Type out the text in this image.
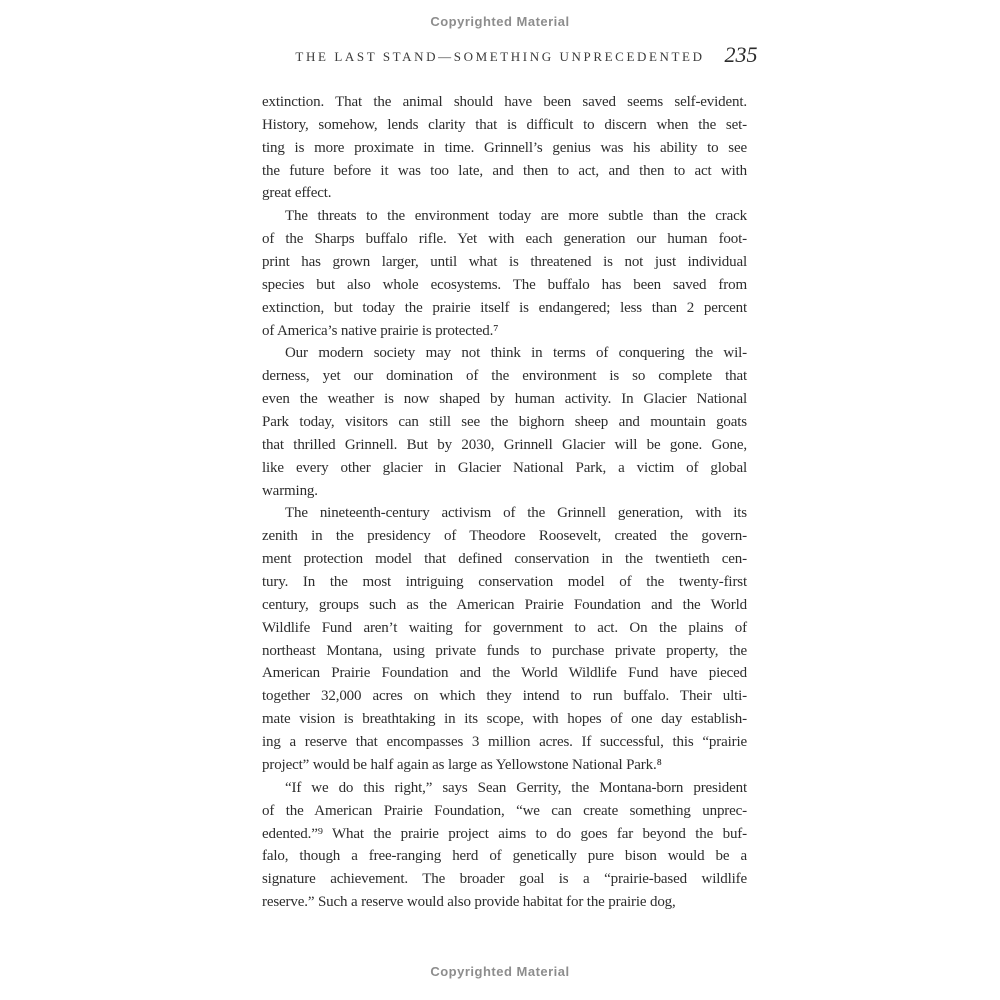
Copyrighted Material
THE LAST STAND—SOMETHING UNPRECEDENTED 235
extinction. That the animal should have been saved seems self-evident.
History, somehow, lends clarity that is difficult to discern when the set-
ting is more proximate in time. Grinnell’s genius was his ability to see
the future before it was too late, and then to act, and then to act with
great effect.
The threats to the environment today are more subtle than the crack
of the Sharps buffalo rifle. Yet with each generation our human foot-
print has grown larger, until what is threatened is not just individual
species but also whole ecosystems. The buffalo has been saved from
extinction, but today the prairie itself is endangered; less than 2 percent
of America’s native prairie is protected.⁷
Our modern society may not think in terms of conquering the wil-
derness, yet our domination of the environment is so complete that
even the weather is now shaped by human activity. In Glacier National
Park today, visitors can still see the bighorn sheep and mountain goats
that thrilled Grinnell. But by 2030, Grinnell Glacier will be gone. Gone,
like every other glacier in Glacier National Park, a victim of global
warming.
The nineteenth-century activism of the Grinnell generation, with its
zenith in the presidency of Theodore Roosevelt, created the govern-
ment protection model that defined conservation in the twentieth cen-
tury. In the most intriguing conservation model of the twenty-first
century, groups such as the American Prairie Foundation and the World
Wildlife Fund aren’t waiting for government to act. On the plains of
northeast Montana, using private funds to purchase private property, the
American Prairie Foundation and the World Wildlife Fund have pieced
together 32,000 acres on which they intend to run buffalo. Their ulti-
mate vision is breathtaking in its scope, with hopes of one day establish-
ing a reserve that encompasses 3 million acres. If successful, this “prairie
project” would be half again as large as Yellowstone National Park.⁸
“If we do this right,” says Sean Gerrity, the Montana-born president
of the American Prairie Foundation, “we can create something unprec-
edented.”⁹ What the prairie project aims to do goes far beyond the buf-
falo, though a free-ranging herd of genetically pure bison would be a
signature achievement. The broader goal is a “prairie-based wildlife
reserve.” Such a reserve would also provide habitat for the prairie dog,
Copyrighted Material
